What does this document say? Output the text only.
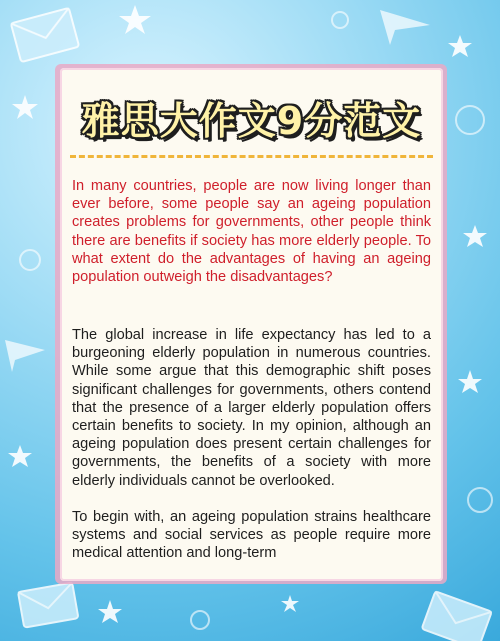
雅思大作文9分范文

In many countries, people are now living longer than ever before, some people say an ageing population creates problems for governments, other people think there are benefits if society has more elderly people. To what extent do the advantages of having an ageing population outweigh the disadvantages?

The global increase in life expectancy has led to a burgeoning elderly population in numerous countries. While some argue that this demographic shift poses significant challenges for governments, others contend that the presence of a larger elderly population offers certain benefits to society. In my opinion, although an ageing population does present certain challenges for governments, the benefits of a society with more elderly individuals cannot be overlooked.

To begin with, an ageing population strains healthcare systems and social services as people require more medical attention and long-term
